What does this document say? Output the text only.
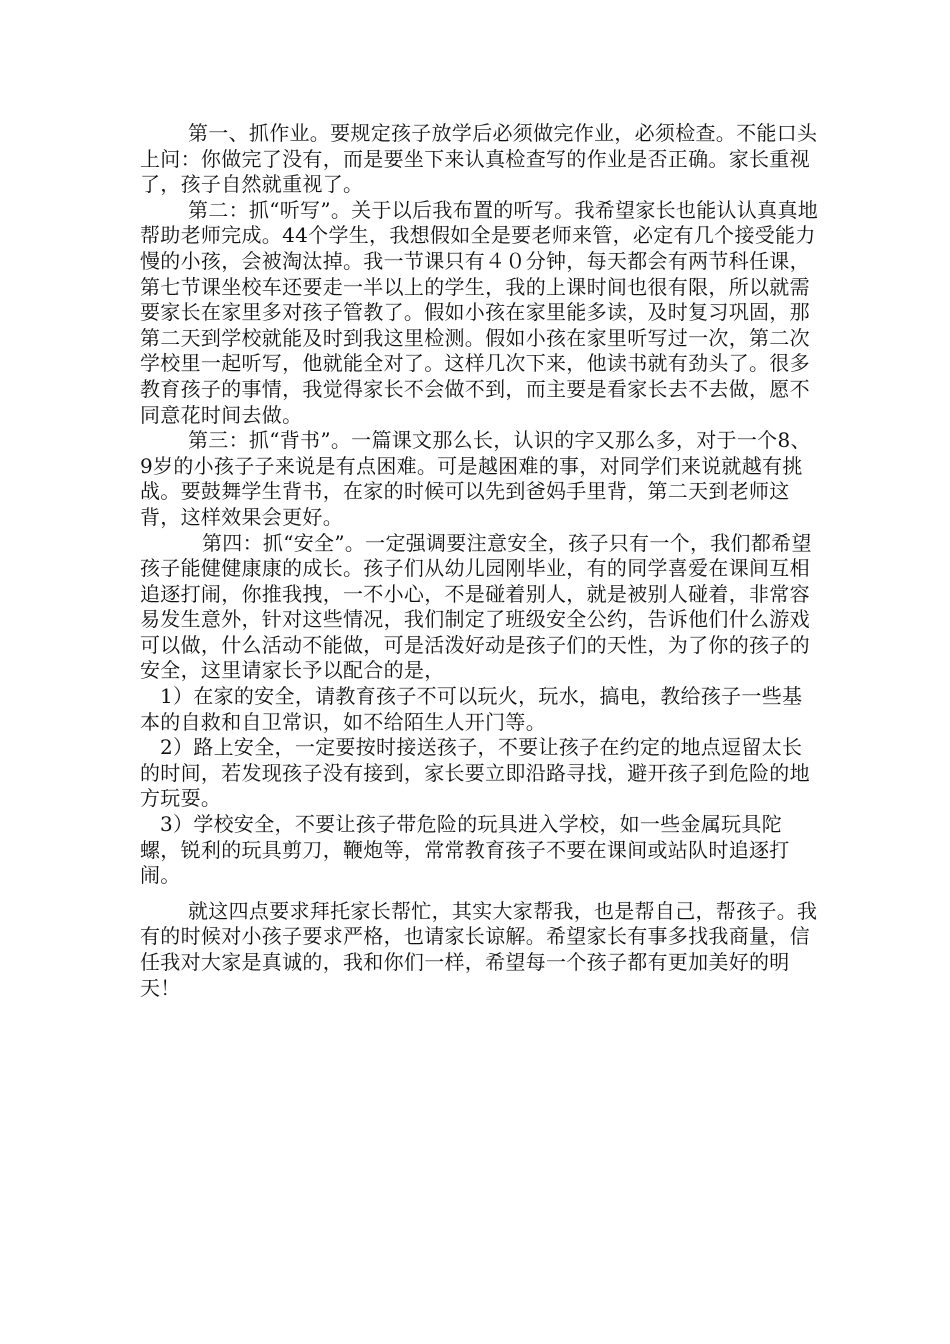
第一、抓作业。要规定孩子放学后必须做完作业，必须检查。不能口头上问：你做完了没有，而是要坐下来认真检查写的作业是否正确。家长重视了，孩子自然就重视了。

第二：抓“听写”。关于以后我布置的听写。我希望家长也能认认真真地帮助老师完成。44个学生，我想假如全是要老师来管，必定有几个接受能力慢的小孩，会被淘汰掉。我一节课只有４０分钟，每天都会有两节科任课，第七节课坐校车还要走一半以上的学生，我的上课时间也很有限，所以就需要家长在家里多对孩子管教了。假如小孩在家里能多读，及时复习巩固，那第二天到学校就能及时到我这里检测。假如小孩在家里听写过一次，第二次学校里一起听写，他就能全对了。这样几次下来，他读书就有劲头了。很多教育孩子的事情，我觉得家长不会做不到，而主要是看家长去不去做，愿不同意花时间去做。

第三：抓“背书”。一篇课文那么长，认识的字又那么多，对于一个8、9岁的小孩子子来说是有点困难。可是越困难的事，对同学们来说就越有挑战。要鼓舞学生背书，在家的时候可以先到爸妈手里背，第二天到老师这背，这样效果会更好。

第四：抓“安全”。一定强调要注意安全，孩子只有一个，我们都希望孩子能健健康康的成长。孩子们从幼儿园刚毕业，有的同学喜爱在课间互相追逐打闹，你推我拽，一不小心，不是碰着别人，就是被别人碰着，非常容易发生意外，针对这些情况，我们制定了班级安全公约，告诉他们什么游戏可以做，什么活动不能做，可是活泼好动是孩子们的天性，为了你的孩子的安全，这里请家长予以配合的是，

1）在家的安全，请教育孩子不可以玩火，玩水，搞电，教给孩子一些基本的自救和自卫常识，如不给陌生人开门等。

2）路上安全，一定要按时接送孩子，不要让孩子在约定的地点逗留太长的时间，若发现孩子没有接到，家长要立即沿路寻找，避开孩子到危险的地方玩耍。

3）学校安全，不要让孩子带危险的玩具进入学校，如一些金属玩具陀螺，锐利的玩具剪刀，鞭炮等，常常教育孩子不要在课间或站队时追逐打闹。

就这四点要求拜托家长帮忙，其实大家帮我，也是帮自己，帮孩子。我有的时候对小孩子要求严格，也请家长谅解。希望家长有事多找我商量，信任我对大家是真诚的，我和你们一样，希望每一个孩子都有更加美好的明天！
